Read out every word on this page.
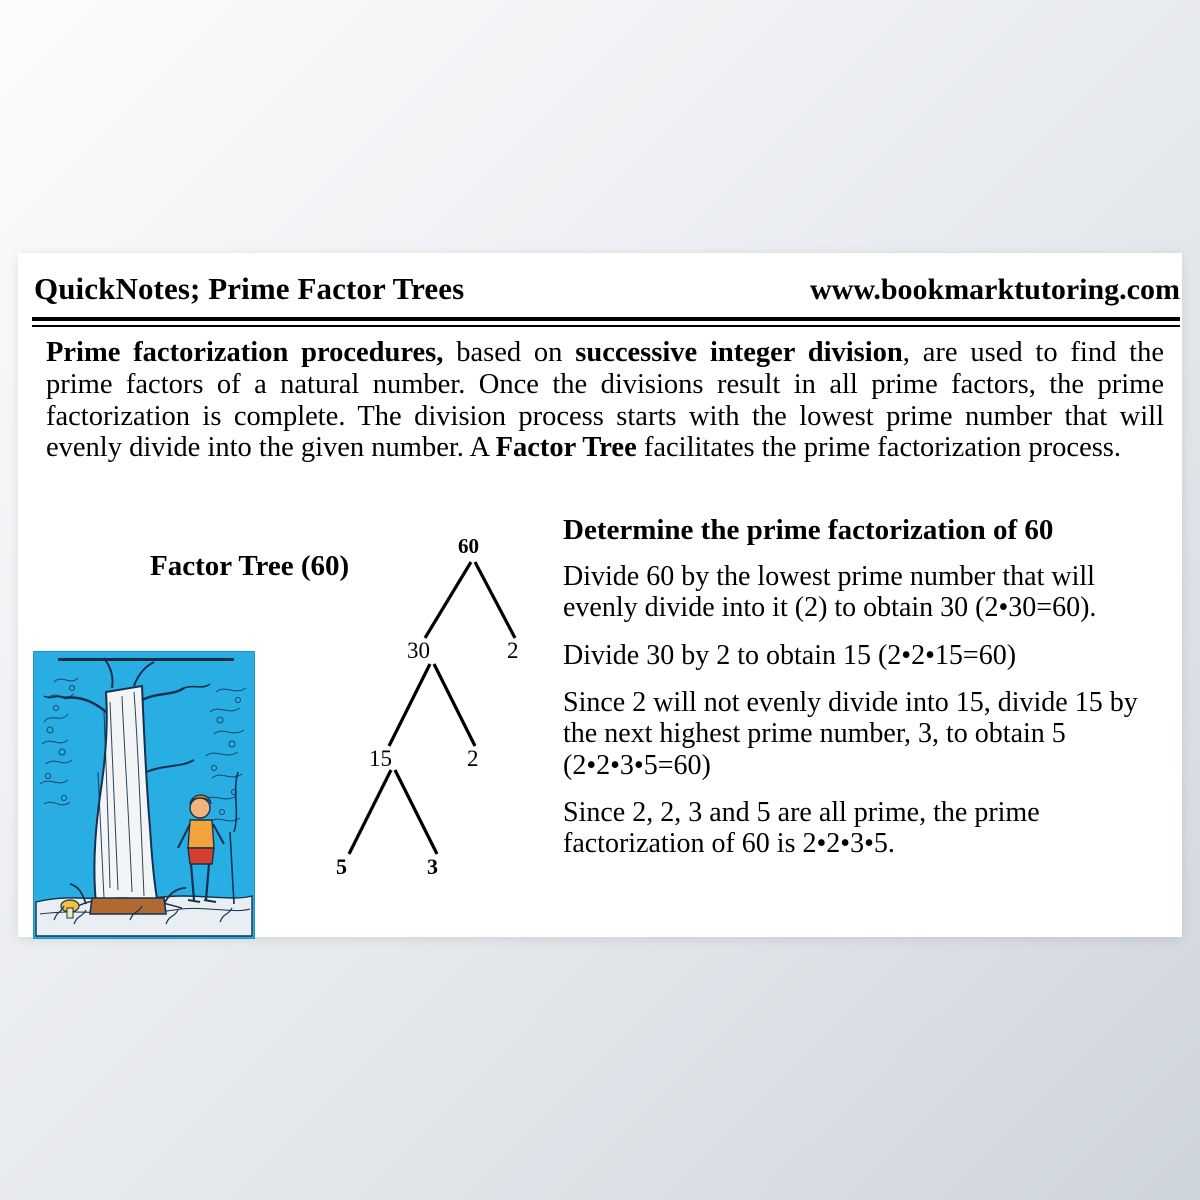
QuickNotes; Prime Factor Trees	www.bookmarktutoring.com
Prime factorization procedures, based on successive integer division, are used to find the prime factors of a natural number. Once the divisions result in all prime factors, the prime factorization is complete. The division process starts with the lowest prime number that will evenly divide into the given number. A Factor Tree facilitates the prime factorization process.
Factor Tree (60)
60
30	2
15	2
5	3
Determine the prime factorization of 60

Divide 60 by the lowest prime number that will evenly divide into it (2) to obtain 30 (2•30=60).

Divide 30 by 2 to obtain 15 (2•2•15=60)

Since 2 will not evenly divide into 15, divide 15 by the next highest prime number, 3, to obtain 5 (2•2•3•5=60)

Since 2, 2, 3 and 5 are all prime, the prime factorization of 60 is 2•2•3•5.
